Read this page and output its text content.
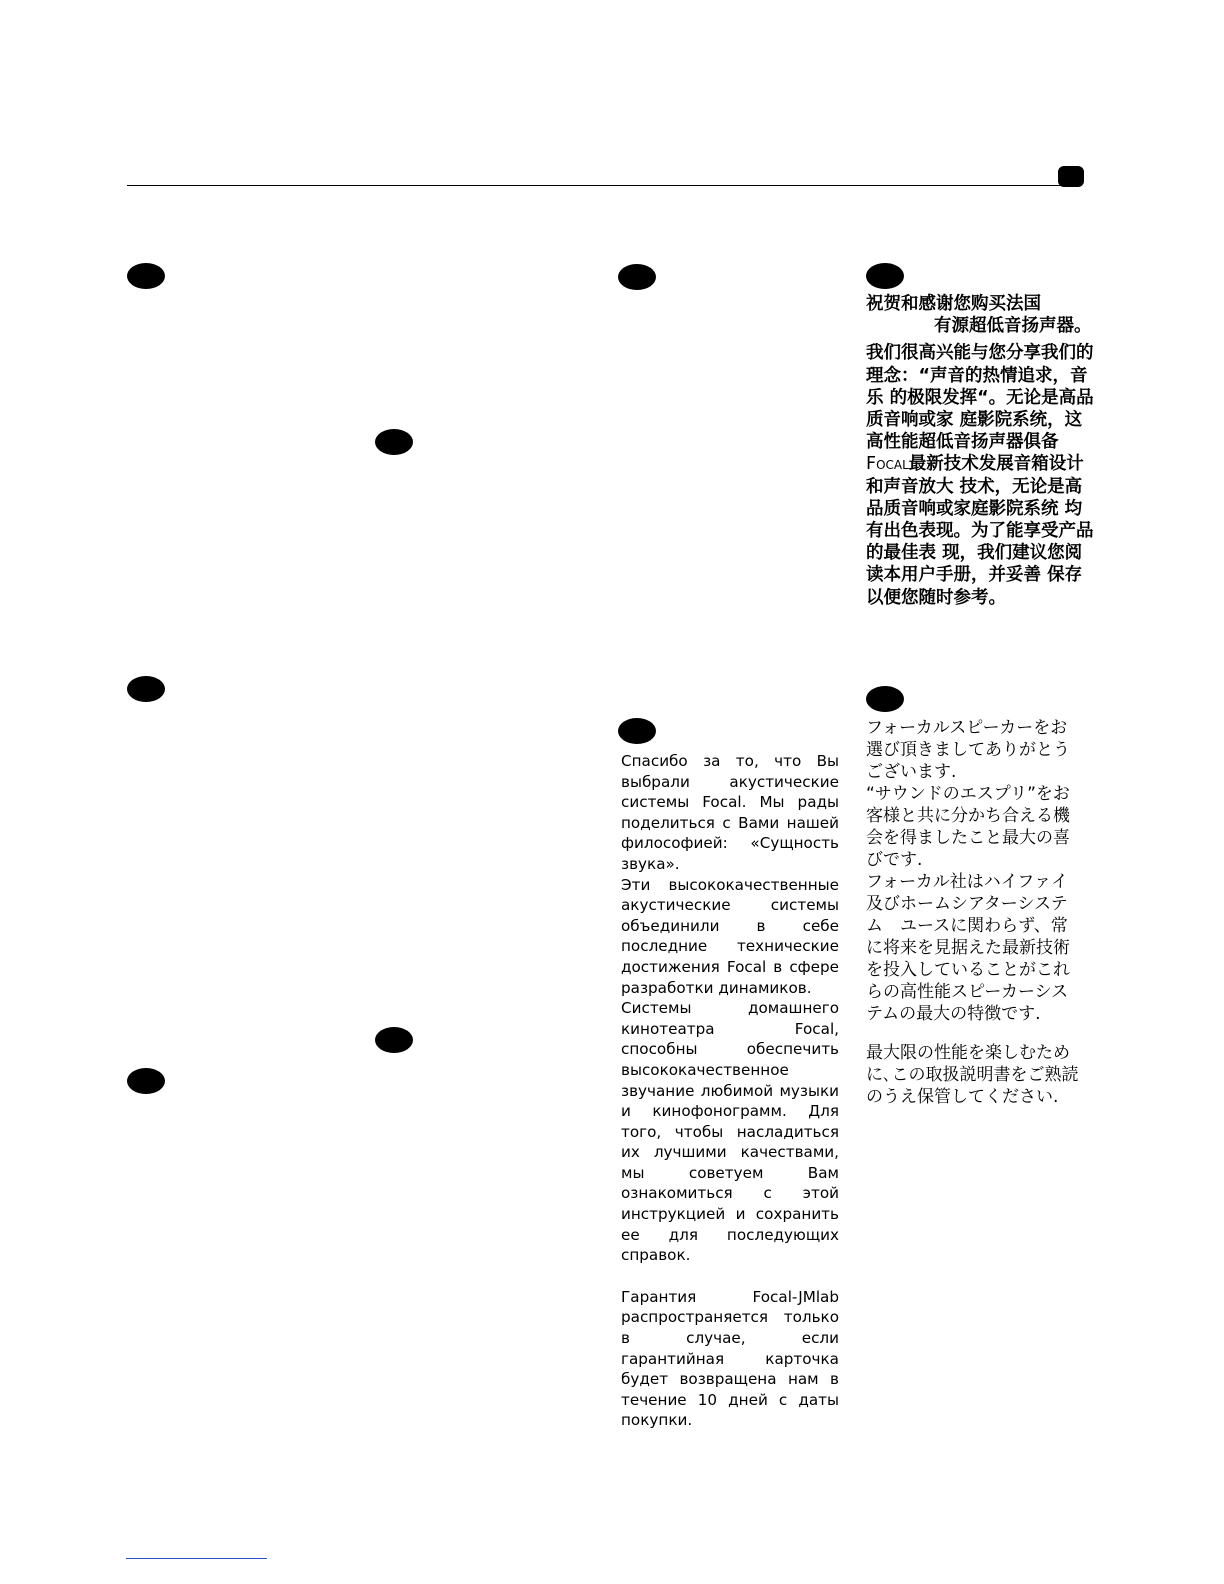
祝贺和感谢您购买法国

有源超低音扬声器。

我们很高兴能与您分享我们的理念：“声音的热情追求，音乐 的极限发挥“。无论是高品质音响或家 庭影院系统，这高性能超低音扬声器俱备
Focal最新技术发展音箱设计和声音放大 技术，无论是高品质音响或家庭影院系统 均有出色表现。为了能享受产品的最佳表 现，我们建议您阅读本用户手册，并妥善 保存以便您随时参考。

Спасибо за то, что Вы выбрали акустические системы Focal. Мы рады поделиться с Вами нашей философией: «Сущность звука».

Эти высококачественные акустические системы объединили в себе последние технические достижения Focal в сфере разработки динамиков.

Системы домашнего кинотеатра Focal, способны обеспечить высококачественное звучание любимой музыки и кинофонограмм. Для того, чтобы насладиться их лучшими качествами, мы советуем Вам ознакомиться с этой инструкцией и сохранить ее для последующих справок.

Гарантия Focal-JMlab распространяется только в случае, если гарантийная карточка будет возвращена нам в течение 10 дней с даты покупки.

フォーカルスピーカーをお選び頂きましてありがとうございます.

“サウンドのエスプリ”をお客様と共に分かち合える機会を得ましたこと最大の喜びです.

フォーカル社はハイファイ及びホームシアターシステム　ユースに関わらず、常に将来を見据えた最新技術を投入していることがこれらの高性能スピーカーシステムの最大の特徴です.

最大限の性能を楽しむために､この取扱説明書をご熟読のうえ保管してください.
